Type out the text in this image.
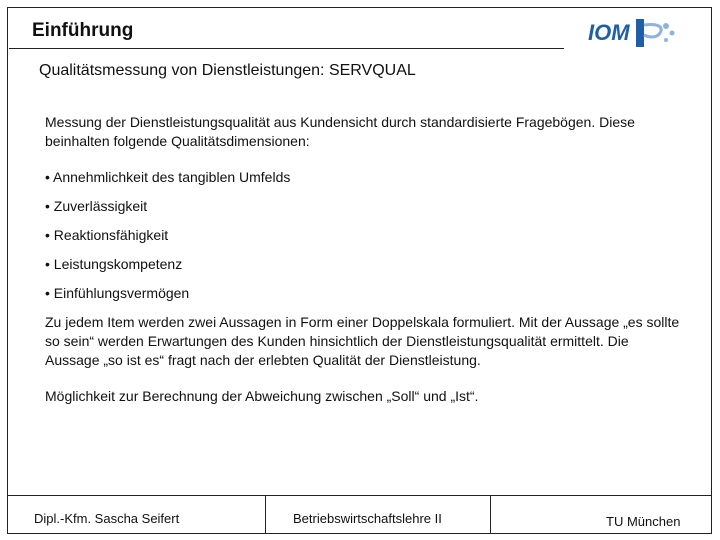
Einführung	IOM
Qualitätsmessung von Dienstleistungen: SERVQUAL

Messung der Dienstleistungsqualität aus Kundensicht durch standardisierte Fragebögen. Diese beinhalten folgende Qualitätsdimensionen:

• Annehmlichkeit des tangiblen Umfelds

• Zuverlässigkeit

• Reaktionsfähigkeit

• Leistungskompetenz

• Einfühlungsvermögen

Zu jedem Item werden zwei Aussagen in Form einer Doppelskala formuliert. Mit der Aussage „es sollte so sein“ werden Erwartungen des Kunden hinsichtlich der Dienstleistungsqualität ermittelt. Die Aussage „so ist es“ fragt nach der erlebten Qualität der Dienstleistung.

Möglichkeit zur Berechnung der Abweichung zwischen „Soll“ und „Ist“.

Dipl.-Kfm. Sascha Seifert	Betriebswirtschaftslehre II	TU München
